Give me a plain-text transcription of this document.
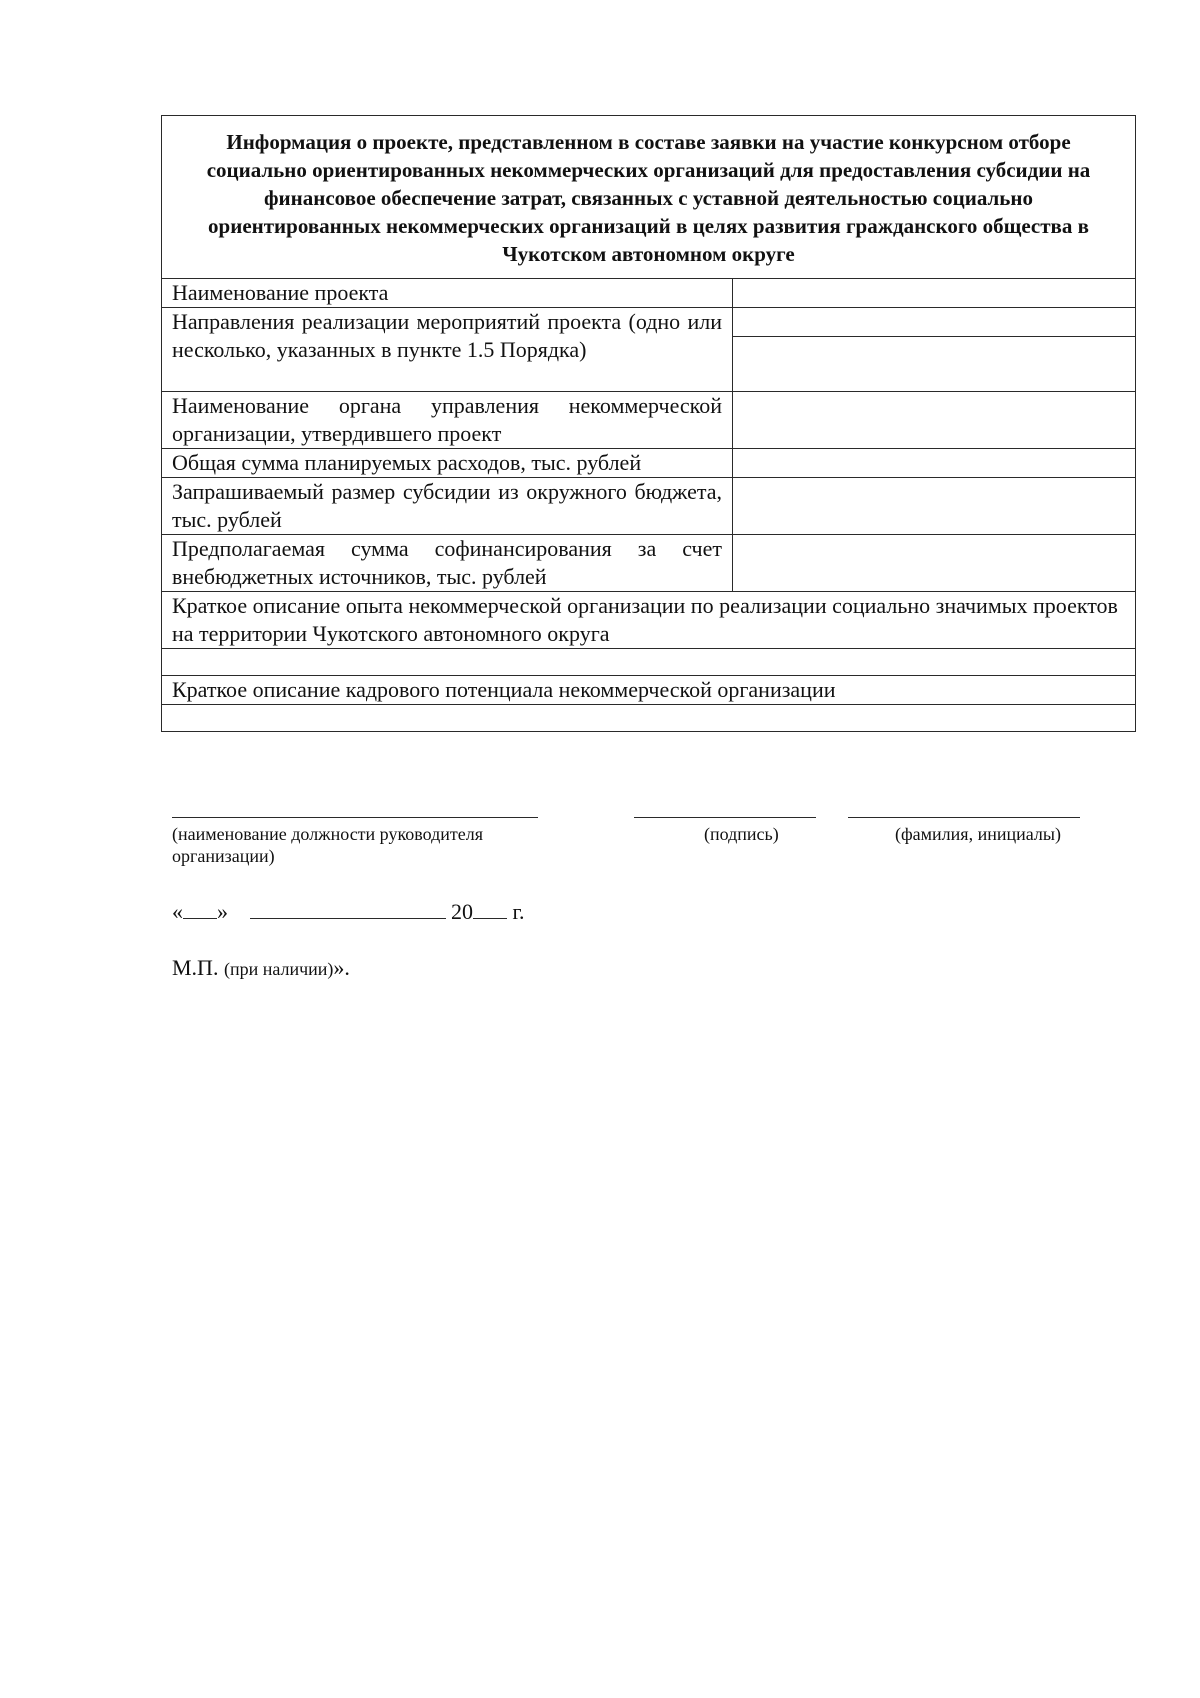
Информация о проекте, представленном в составе заявки на участие конкурсном отборе социально ориентированных некоммерческих организаций для предоставления субсидии на финансовое обеспечение затрат, связанных с уставной деятельностью социально ориентированных некоммерческих организаций в целях развития гражданского общества в Чукотском автономном округе	
Наименование проекта	
Направления реализации мероприятий проекта (одно или несколько, указанных в пункте 1.5 Порядка)	

Наименование органа управления некоммерческой организации, утвердившего проект	
Общая сумма планируемых расходов, тыс. рублей	
Запрашиваемый размер субсидии из окружного бюджета, тыс. рублей	
Предполагаемая сумма софинансирования за счет внебюджетных источников, тыс. рублей	
Краткое описание опыта некоммерческой организации по реализации социально значимых проектов на территории Чукотского автономного округа	

Краткое описание кадрового потенциала некоммерческой организации	

(наименование должности руководителя организации)
(подпись)	(фамилия, инициалы)
« »	20 г.
М.П. (при наличии)».
